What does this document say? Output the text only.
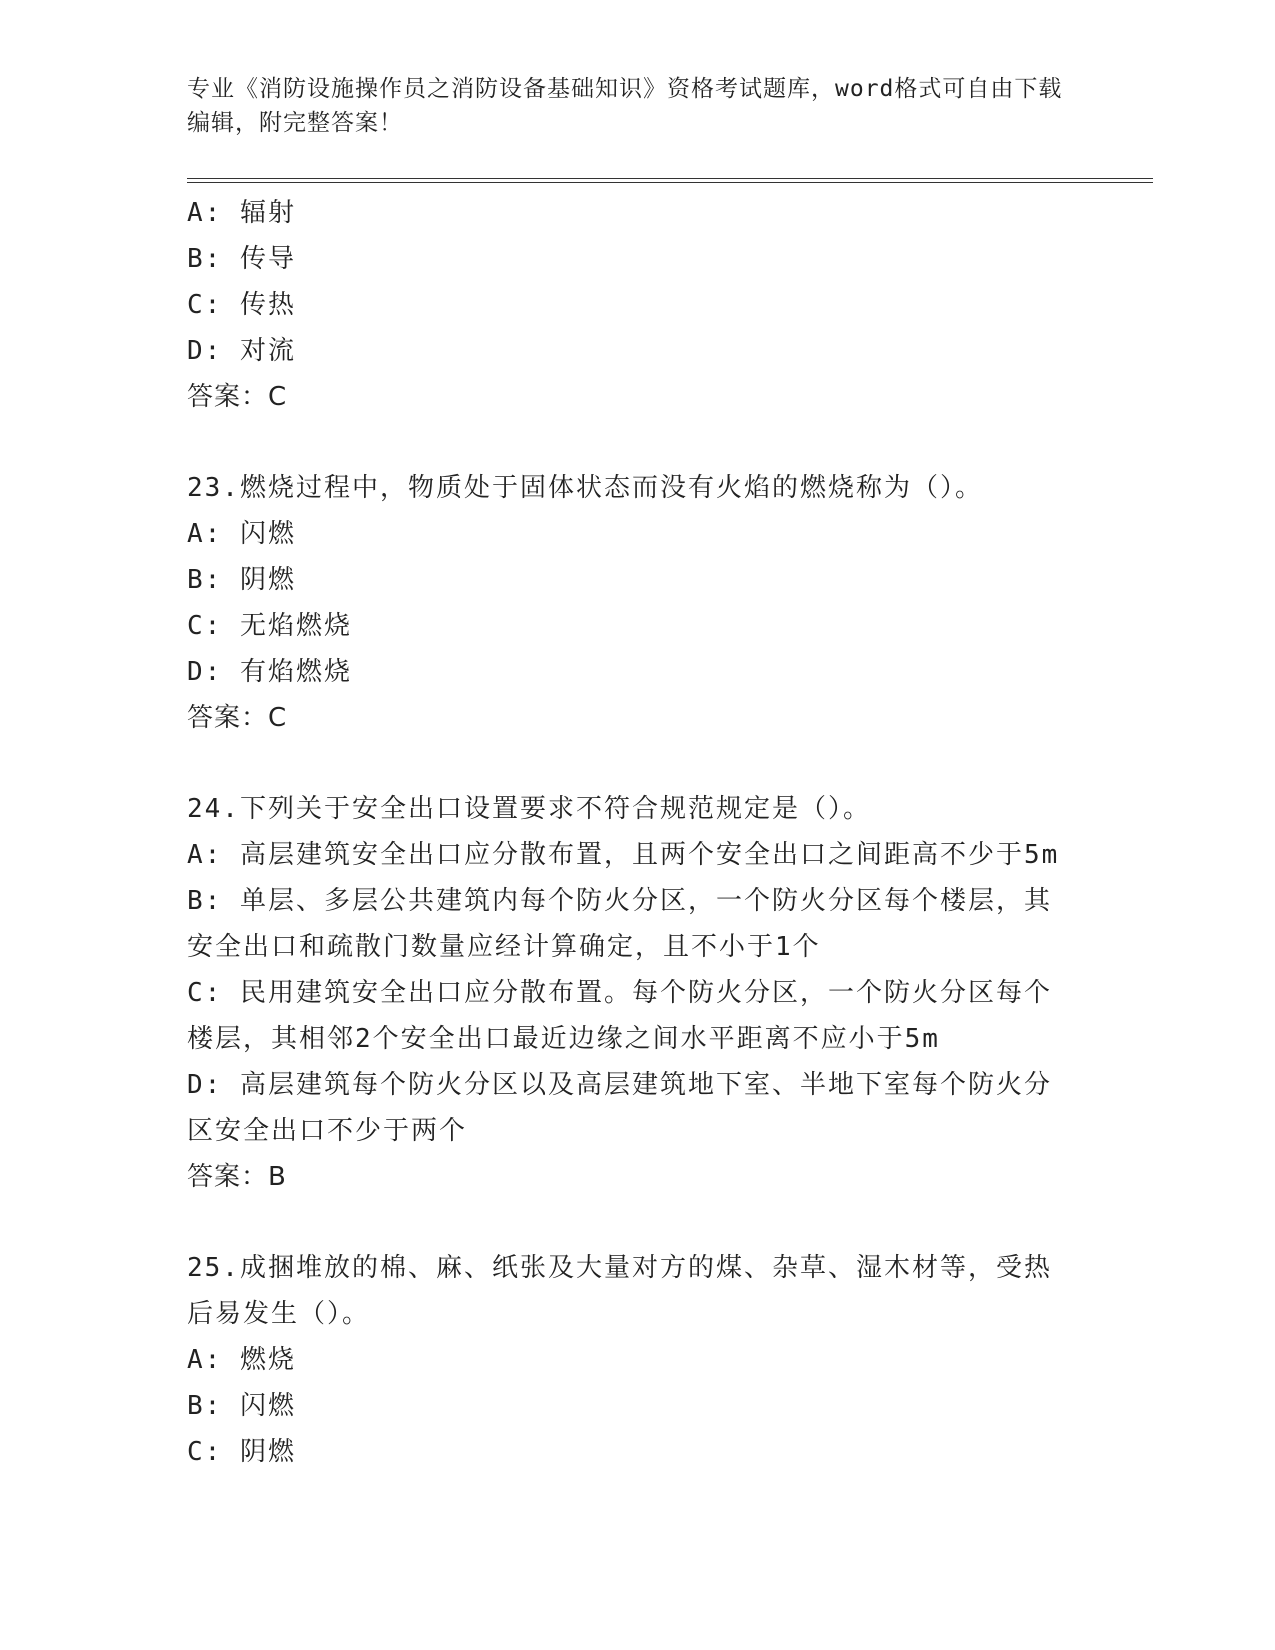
专业《消防设施操作员之消防设备基础知识》资格考试题库，word格式可自由下载编辑，附完整答案！
A: 辐射
B: 传导
C: 传热
D: 对流
答案：C
23.燃烧过程中，物质处于固体状态而没有火焰的燃烧称为（）。
A: 闪燃
B: 阴燃
C: 无焰燃烧
D: 有焰燃烧
答案：C
24.下列关于安全出口设置要求不符合规范规定是（）。
A: 高层建筑安全出口应分散布置，且两个安全出口之间距高不少于5m
B: 单层、多层公共建筑内每个防火分区，一个防火分区每个楼层，其安全出口和疏散门数量应经计算确定，且不小于1个
C: 民用建筑安全出口应分散布置。每个防火分区，一个防火分区每个楼层，其相邻2个安全出口最近边缘之间水平距离不应小于5m
D: 高层建筑每个防火分区以及高层建筑地下室、半地下室每个防火分区安全出口不少于两个
答案：B
25.成捆堆放的棉、麻、纸张及大量对方的煤、杂草、湿木材等，受热后易发生（）。
A: 燃烧
B: 闪燃
C: 阴燃
